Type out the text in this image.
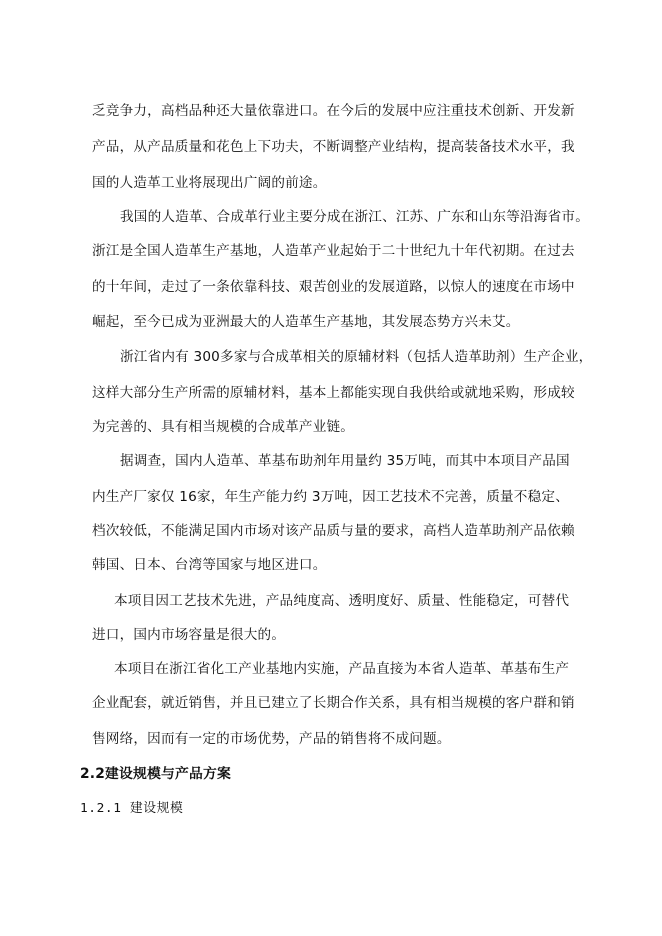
乏竞争力，高档品种还大量依靠进口。在今后的发展中应注重技术创新、开发新
产品，从产品质量和花色上下功夫，不断调整产业结构，提高装备技术水平，我
国的人造革工业将展现出广阔的前途。
我国的人造革、合成革行业主要分成在浙江、江苏、广东和山东等沿海省市。
浙江是全国人造革生产基地，人造革产业起始于二十世纪九十年代初期。在过去
的十年间，走过了一条依靠科技、艰苦创业的发展道路，以惊人的速度在市场中
崛起，至今已成为亚洲最大的人造革生产基地，其发展态势方兴未艾。
浙江省内有 300多家与合成革相关的原辅材料（包括人造革助剂）生产企业，
这样大部分生产所需的原辅材料，基本上都能实现自我供给或就地采购，形成较
为完善的、具有相当规模的合成革产业链。
据调查，国内人造革、革基布助剂年用量约 35万吨，而其中本项目产品国
内生产厂家仅 16家，年生产能力约 3万吨，因工艺技术不完善，质量不稳定、
档次较低，不能满足国内市场对该产品质与量的要求，高档人造革助剂产品依赖
韩国、日本、台湾等国家与地区进口。
本项目因工艺技术先进，产品纯度高、透明度好、质量、性能稳定，可替代
进口，国内市场容量是很大的。
本项目在浙江省化工产业基地内实施，产品直接为本省人造革、革基布生产
企业配套，就近销售，并且已建立了长期合作关系，具有相当规模的客户群和销
售网络，因而有一定的市场优势，产品的销售将不成问题。
2.2建设规模与产品方案
1.2.1 建设规模
